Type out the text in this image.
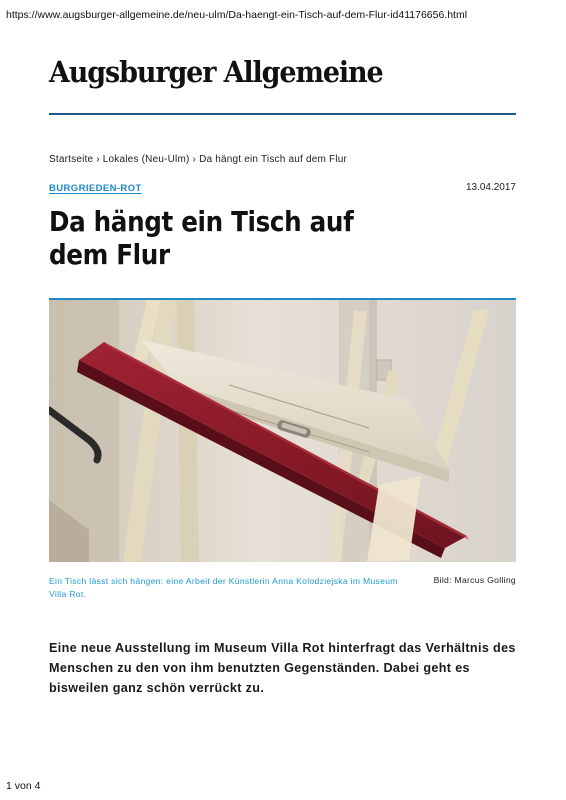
https://www.augsburger-allgemeine.de/neu-ulm/Da-haengt-ein-Tisch-auf-dem-Flur-id41176656.html
Augsburger Allgemeine
Startseite › Lokales (Neu-Ulm) › Da hängt ein Tisch auf dem Flur
BURGRIEDEN-ROT	13.04.2017
Da hängt ein Tisch auf dem Flur
Ein Tisch lässt sich hängen: eine Arbeit der Künstlerin Anna Kolodziejska im Museum Villa Rot.
Bild: Marcus Golling

Eine neue Ausstellung im Museum Villa Rot hinterfragt das Verhältnis des Menschen zu den von ihm benutzten Gegenständen. Dabei geht es bisweilen ganz schön verrückt zu.

1 von 4
